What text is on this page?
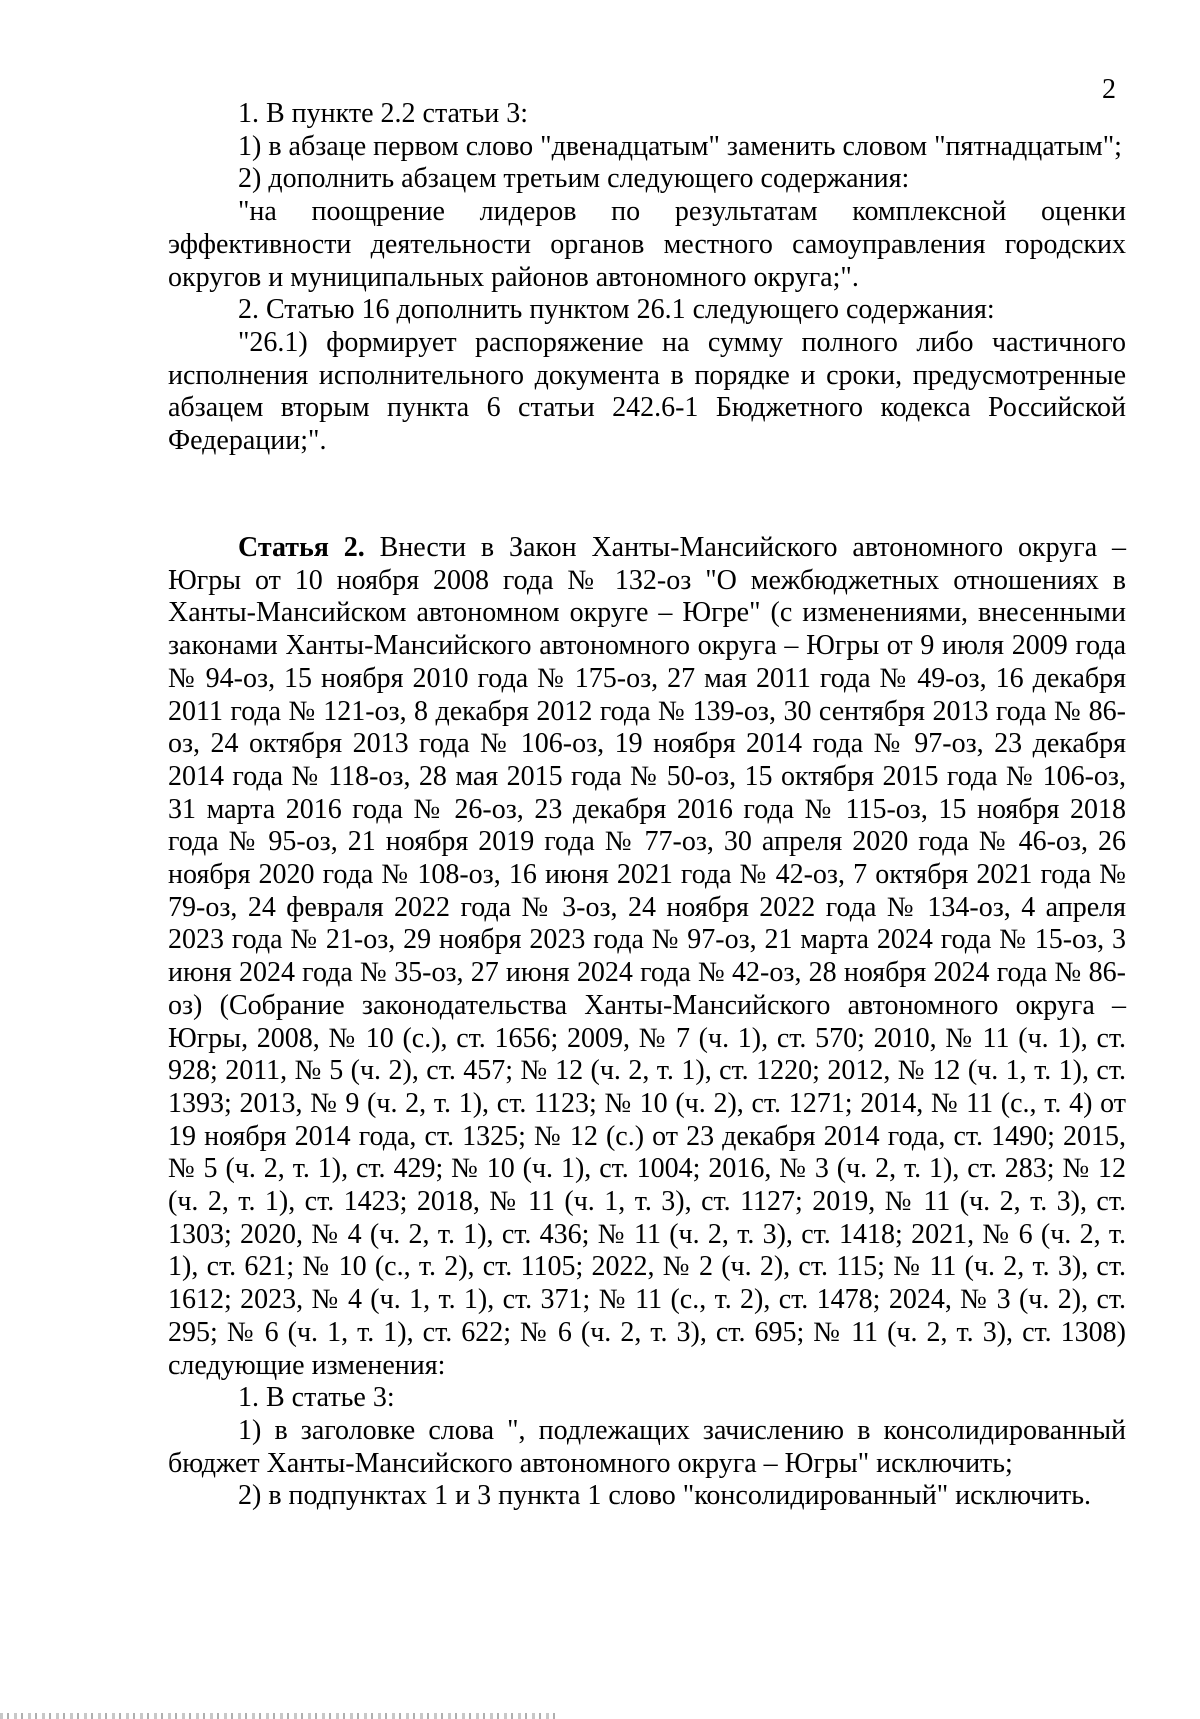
2

1. В пункте 2.2 статьи 3:

1) в абзаце первом слово "двенадцатым" заменить словом "пятнадцатым";

2) дополнить абзацем третьим следующего содержания:

"на поощрение лидеров по результатам комплексной оценки эффективности деятельности органов местного самоуправления городских округов и муниципальных районов автономного округа;".

2. Статью 16 дополнить пунктом 26.1 следующего содержания:

"26.1) формирует распоряжение на сумму полного либо частичного исполнения исполнительного документа в порядке и сроки, предусмотренные абзацем вторым пункта 6 статьи 242.6-1 Бюджетного кодекса Российской Федерации;".

Статья 2. Внести в Закон Ханты-Мансийского автономного округа – Югры от 10 ноября 2008 года № 132-оз "О межбюджетных отношениях в Ханты-Мансийском автономном округе – Югре" (с изменениями, внесенными законами Ханты-Мансийского автономного округа – Югры от 9 июля 2009 года № 94-оз, 15 ноября 2010 года № 175-оз, 27 мая 2011 года № 49-оз, 16 декабря 2011 года № 121-оз, 8 декабря 2012 года № 139-оз, 30 сентября 2013 года № 86-оз, 24 октября 2013 года № 106-оз, 19 ноября 2014 года № 97-оз, 23 декабря 2014 года № 118-оз, 28 мая 2015 года № 50-оз, 15 октября 2015 года № 106-оз, 31 марта 2016 года № 26-оз, 23 декабря 2016 года № 115-оз, 15 ноября 2018 года № 95-оз, 21 ноября 2019 года № 77-оз, 30 апреля 2020 года № 46-оз, 26 ноября 2020 года № 108-оз, 16 июня 2021 года № 42-оз, 7 октября 2021 года № 79-оз, 24 февраля 2022 года № 3-оз, 24 ноября 2022 года № 134-оз, 4 апреля 2023 года № 21-оз, 29 ноября 2023 года № 97-оз, 21 марта 2024 года № 15-оз, 3 июня 2024 года № 35-оз, 27 июня 2024 года № 42-оз, 28 ноября 2024 года № 86-оз) (Собрание законодательства Ханты-Мансийского автономного округа – Югры, 2008, № 10 (с.), ст. 1656; 2009, № 7 (ч. 1), ст. 570; 2010, № 11 (ч. 1), ст. 928; 2011, № 5 (ч. 2), ст. 457; № 12 (ч. 2, т. 1), ст. 1220; 2012, № 12 (ч. 1, т. 1), ст. 1393; 2013, № 9 (ч. 2, т. 1), ст. 1123; № 10 (ч. 2), ст. 1271; 2014, № 11 (с., т. 4) от 19 ноября 2014 года, ст. 1325; № 12 (с.) от 23 декабря 2014 года, ст. 1490; 2015, № 5 (ч. 2, т. 1), ст. 429; № 10 (ч. 1), ст. 1004; 2016, № 3 (ч. 2, т. 1), ст. 283; № 12 (ч. 2, т. 1), ст. 1423; 2018, № 11 (ч. 1, т. 3), ст. 1127; 2019, № 11 (ч. 2, т. 3), ст. 1303; 2020, № 4 (ч. 2, т. 1), ст. 436; № 11 (ч. 2, т. 3), ст. 1418; 2021, № 6 (ч. 2, т. 1), ст. 621; № 10 (с., т. 2), ст. 1105; 2022, № 2 (ч. 2), ст. 115; № 11 (ч. 2, т. 3), ст. 1612; 2023, № 4 (ч. 1, т. 1), ст. 371; № 11 (с., т. 2), ст. 1478; 2024, № 3 (ч. 2), ст. 295; № 6 (ч. 1, т. 1), ст. 622; № 6 (ч. 2, т. 3), ст. 695; № 11 (ч. 2, т. 3), ст. 1308) следующие изменения:

1. В статье 3:

1) в заголовке слова ", подлежащих зачислению в консолидированный бюджет Ханты-Мансийского автономного округа – Югры" исключить;

2) в подпунктах 1 и 3 пункта 1 слово "консолидированный" исключить.
